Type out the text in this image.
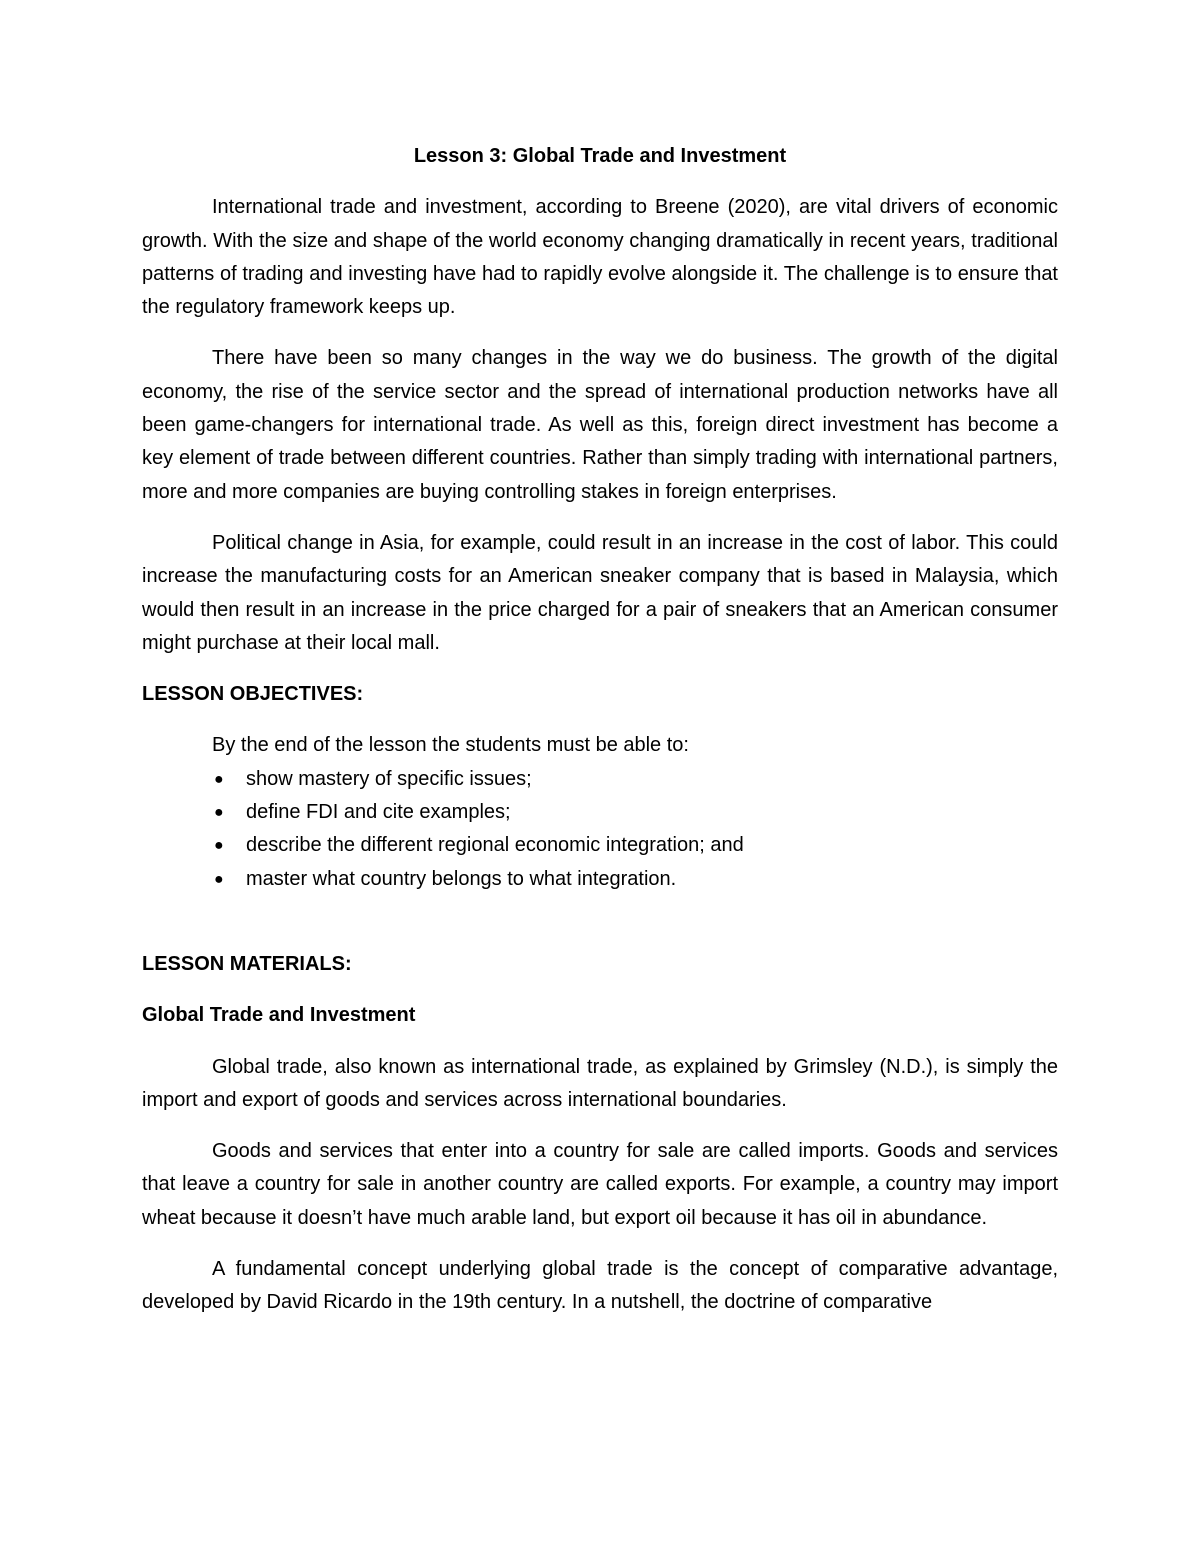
Lesson 3: Global Trade and Investment

International trade and investment, according to Breene (2020), are vital drivers of economic growth. With the size and shape of the world economy changing dramatically in recent years, traditional patterns of trading and investing have had to rapidly evolve alongside it. The challenge is to ensure that the regulatory framework keeps up.

There have been so many changes in the way we do business. The growth of the digital economy, the rise of the service sector and the spread of international production networks have all been game-changers for international trade. As well as this, foreign direct investment has become a key element of trade between different countries. Rather than simply trading with international partners, more and more companies are buying controlling stakes in foreign enterprises.

Political change in Asia, for example, could result in an increase in the cost of labor. This could increase the manufacturing costs for an American sneaker company that is based in Malaysia, which would then result in an increase in the price charged for a pair of sneakers that an American consumer might purchase at their local mall.

LESSON OBJECTIVES:
By the end of the lesson the students must be able to:
● show mastery of specific issues;
● define FDI and cite examples;
● describe the different regional economic integration; and
● master what country belongs to what integration.
LESSON MATERIALS:
Global Trade and Investment

Global trade, also known as international trade, as explained by Grimsley (N.D.), is simply the import and export of goods and services across international boundaries.

Goods and services that enter into a country for sale are called imports. Goods and services that leave a country for sale in another country are called exports. For example, a country may import wheat because it doesn’t have much arable land, but export oil because it has oil in abundance.

A fundamental concept underlying global trade is the concept of comparative advantage, developed by David Ricardo in the 19th century. In a nutshell, the doctrine of comparative
